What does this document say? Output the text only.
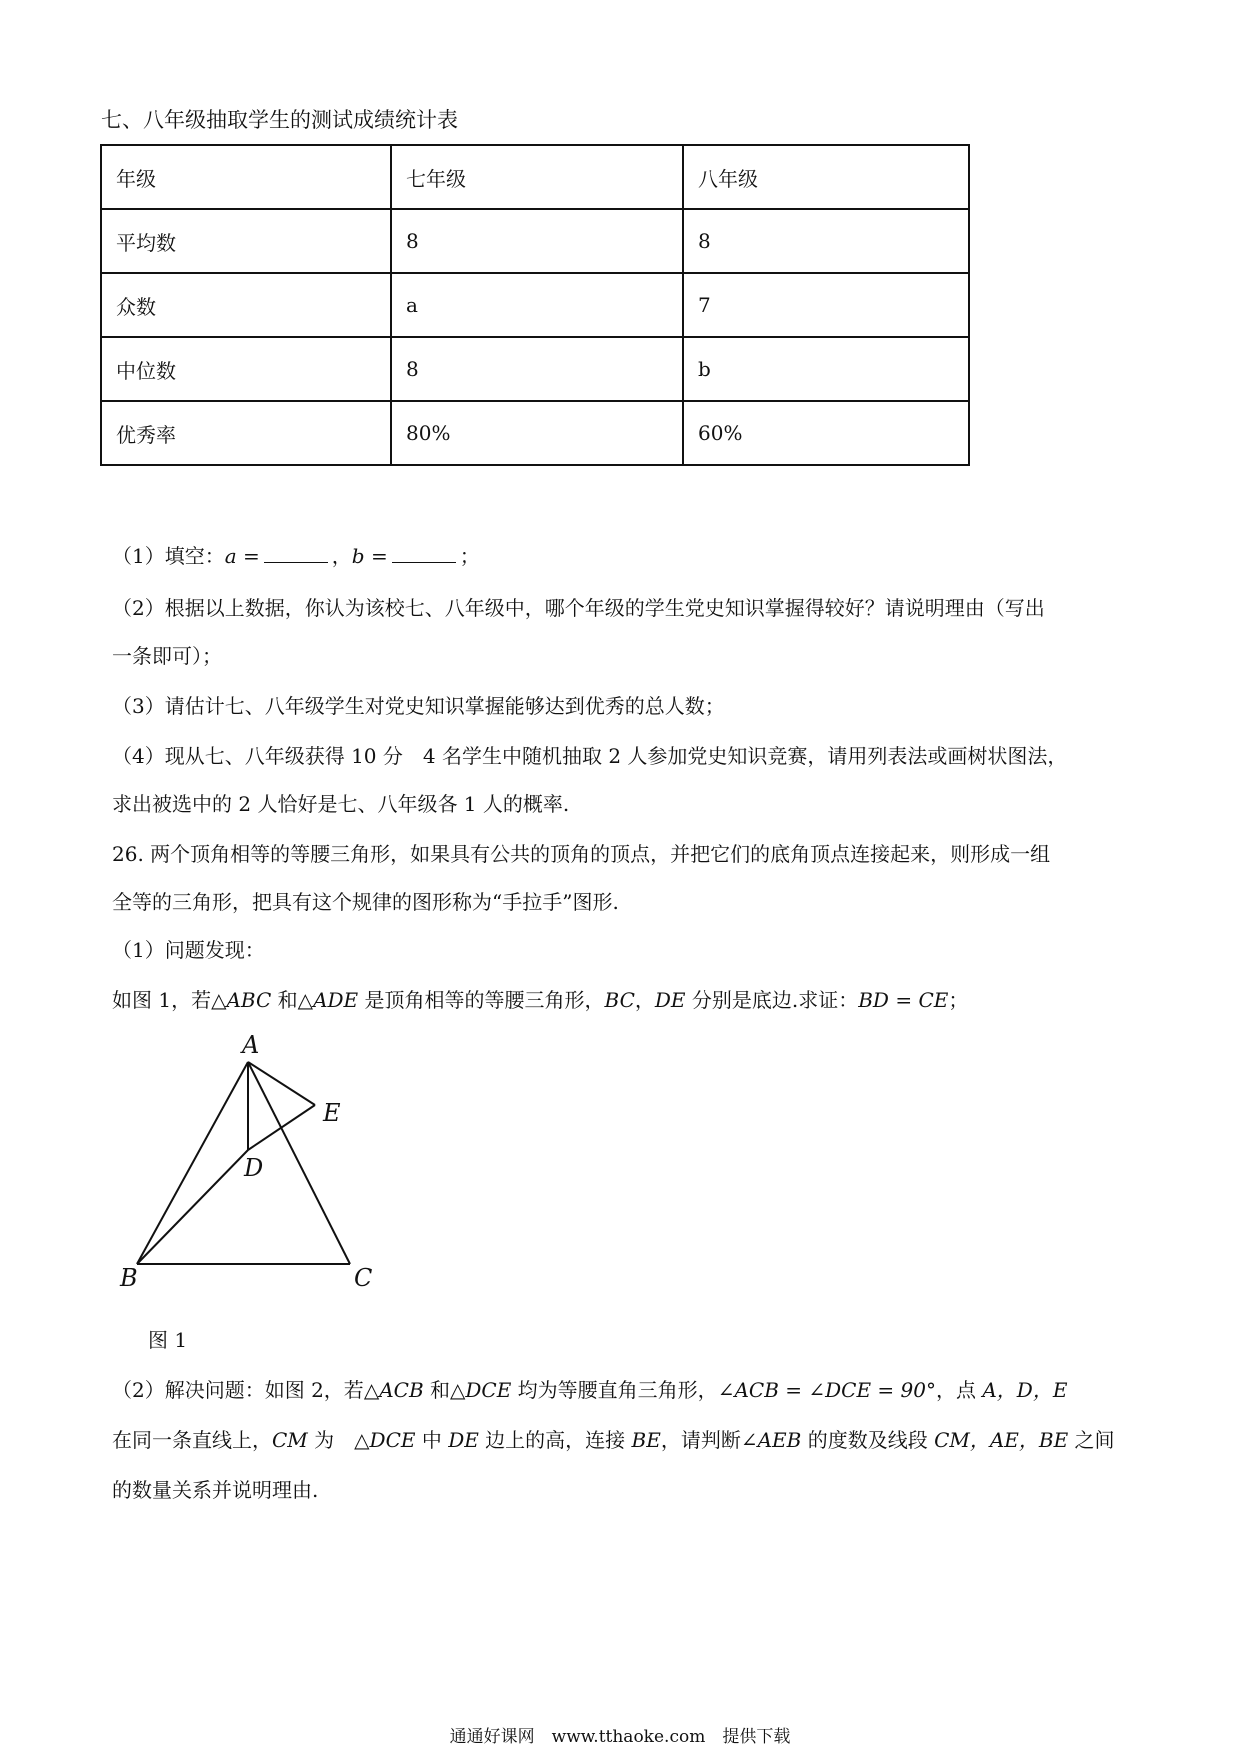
七、八年级抽取学生的测试成绩统计表
年级	七年级	八年级
平均数	8	8
众数	a	7
中位数	8	b
优秀率	80%	60%
（1）填空：a =	，b =	；
（2）根据以上数据，你认为该校七、八年级中，哪个年级的学生党史知识掌握得较好？请说明理由（写出
一条即可）；
（3）请估计七、八年级学生对党史知识掌握能够达到优秀的总人数；
（4）现从七、八年级获得 10 分　4 名学生中随机抽取 2 人参加党史知识竞赛，请用列表法或画树状图法，
求出被选中的 2 人恰好是七、八年级各 1 人的概率.
26. 两个顶角相等的等腰三角形，如果具有公共的顶角的顶点，并把它们的底角顶点连接起来，则形成一组
全等的三角形，把具有这个规律的图形称为“手拉手”图形.
（1）问题发现：
如图 1，若△ABC 和△ADE 是顶角相等的等腰三角形，BC，DE 分别是底边.求证：BD = CE；
A
E
D
B	C
图 1
（2）解决问题：如图 2，若△ACB 和△DCE 均为等腰直角三角形，∠ACB = ∠DCE = 90°，点 A，D，E
在同一条直线上，CM 为　△DCE 中 DE 边上的高，连接 BE，请判断∠AEB 的度数及线段 CM，AE，BE 之间
的数量关系并说明理由.
通通好课网　www.tthaoke.com　提供下载
